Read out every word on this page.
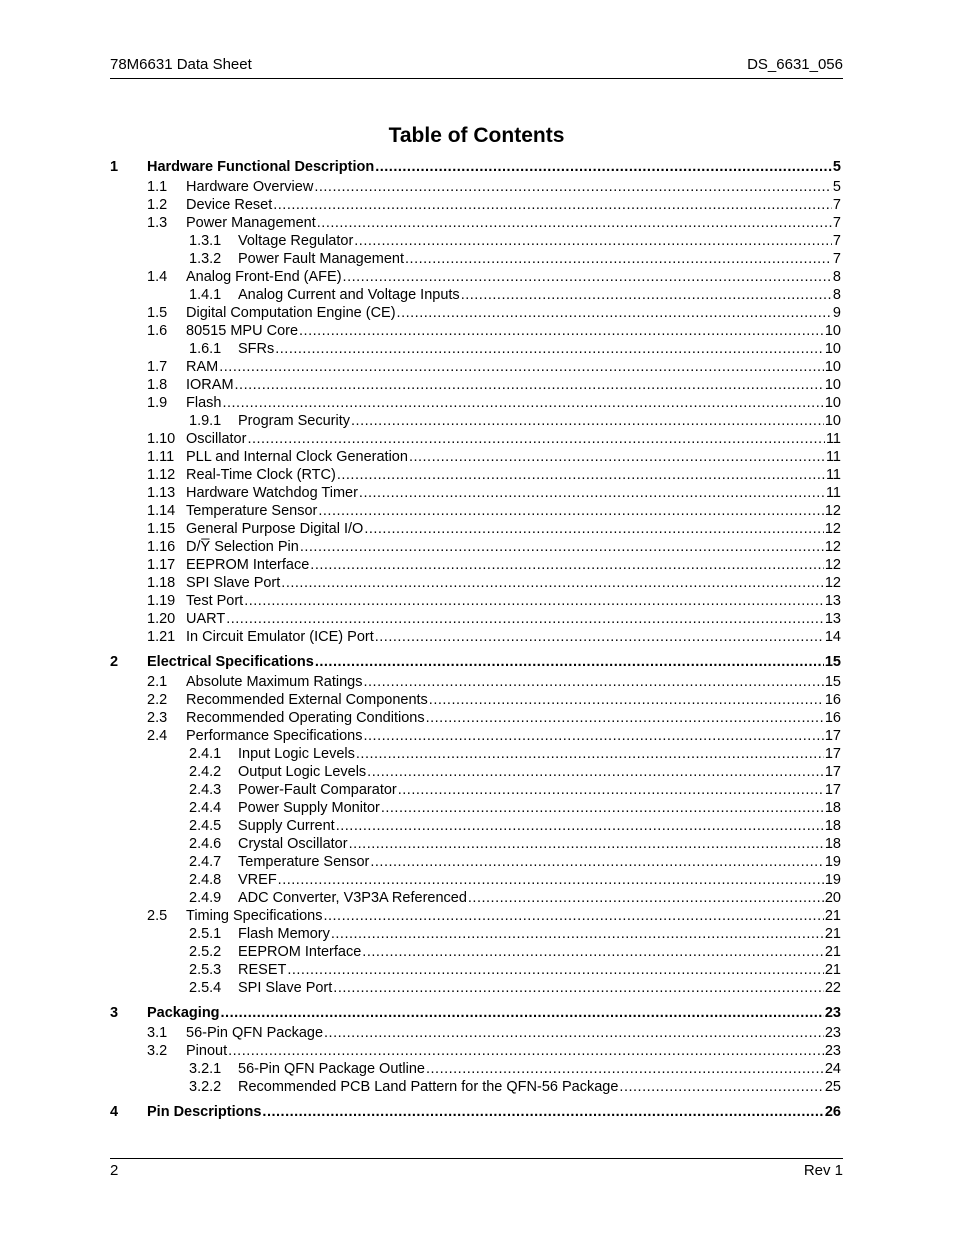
78M6631 Data Sheet	DS_6631_056
Table of Contents
1	Hardware Functional Description .....	5
1.1	Hardware Overview .....	5
1.2	Device Reset .....	7
1.3	Power Management .....	7
1.3.1	Voltage Regulator .....	7
1.3.2	Power Fault Management .....	7
1.4	Analog Front-End (AFE) .....	8
1.4.1	Analog Current and Voltage Inputs .....	8
1.5	Digital Computation Engine (CE) .....	9
1.6	80515 MPU Core .....	10
1.6.1	SFRs .....	10
1.7	RAM .....	10
1.8	IORAM .....	10
1.9	Flash .....	10
1.9.1	Program Security .....	10
1.10 Oscillator .....	11
1.11 PLL and Internal Clock Generation .....	11
1.12 Real-Time Clock (RTC) .....	11
1.13 Hardware Watchdog Timer .....	11
1.14 Temperature Sensor .....	12
1.15 General Purpose Digital I/O .....	12
1.16 D/Y̅ Selection Pin .....	12
1.17 EEPROM Interface .....	12
1.18 SPI Slave Port .....	12
1.19 Test Port .....	13
1.20 UART .....	13
1.21 In Circuit Emulator (ICE) Port .....	14
2	Electrical Specifications .....	15
2.1	Absolute Maximum Ratings .....	15
2.2	Recommended External Components .....	16
2.3	Recommended Operating Conditions .....	16
2.4	Performance Specifications .....	17
2.4.1	Input Logic Levels .....	17
2.4.2	Output Logic Levels .....	17
2.4.3	Power-Fault Comparator .....	17
2.4.4	Power Supply Monitor .....	18
2.4.5	Supply Current .....	18
2.4.6	Crystal Oscillator .....	18
2.4.7	Temperature Sensor .....	19
2.4.8	VREF .....	19
2.4.9	ADC Converter, V3P3A Referenced .....	20
2.5	Timing Specifications .....	21
2.5.1	Flash Memory .....	21
2.5.2	EEPROM Interface .....	21
2.5.3	RESET .....	21
2.5.4	SPI Slave Port .....	22
3	Packaging .....	23
3.1	56-Pin QFN Package .....	23
3.2	Pinout .....	23
3.2.1	56-Pin QFN Package Outline .....	24
3.2.2	Recommended PCB Land Pattern for the QFN-56 Package .....	25
4	Pin Descriptions .....	26
2	Rev 1
